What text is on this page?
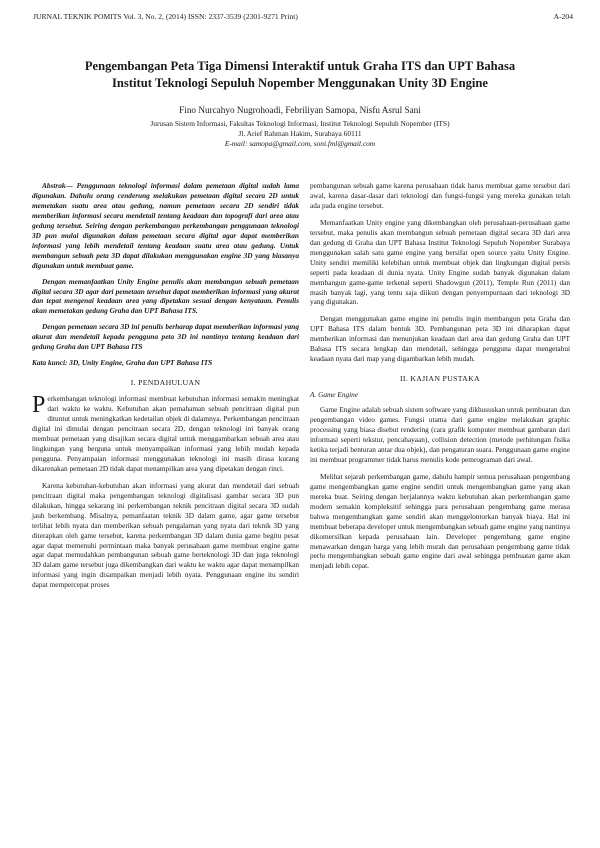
JURNAL TEKNIK POMITS Vol. 3, No. 2, (2014) ISSN: 2337-3539 (2301-9271 Print)	A-204
Pengembangan Peta Tiga Dimensi Interaktif untuk Graha ITS dan UPT Bahasa
Institut Teknologi Sepuluh Nopember Menggunakan Unity 3D Engine
Fino Nurcahyo Nugrohoadi, Febriliyan Samopa, Nisfu Asrul Sani
Jurusan Sistem Informasi, Fakultas Teknologi Informasi, Institut Teknologi Sepuluh Nopember (ITS)
Jl. Arief Rahman Hakim, Surabaya 60111
E-mail: samopa@gmail.com, soni.fml@gmail.com

Abstrak— Penggunaan teknologi informasi dalam pemetaan digital sudah lama digunakan. Dahulu orang cenderung melakukan pemetaan digital secara 2D untuk memetakan suatu area atau gedung, namun pemetaan secara 2D sendiri tidak memberikan informasi secara mendetail tentang keadaan dan topografi dari area atau gedung tersebut. Seiring dengan perkembangan perkembangan penggunaan teknologi 3D pun mulai digunakan dalam pemetaan secara digital agar dapat memberikan informasi yang lebih mendetail tentang keadaan suatu area atau gedung. Untuk membangun sebuah peta 3D dapat dilakukan menggunakan engine 3D yang biasanya digunakan untuk membuat game.

Dengan memanfaatkan Unity Engine penulis akan membangun sebuah pemetaan digital secara 3D agar dari pemetaan tersebut dapat memberikan informasi yang akurat dan tepat mengenai keadaan area yang dipetakan sesuai dengan kenyataan. Penulis akan memetakan gedung Graha dan UPT Bahasa ITS.

Dengan pemetaan secara 3D ini penulis berharap dapat memberikan informasi yang akurat dan mendetail kepada pengguna peta 3D ini nantinya tentang keadaan dari gedung Graha dan UPT Bahasa ITS

Kata kunci: 3D, Unity Engine, Graha dan UPT Bahasa ITS
I. PENDAHULUAN

Perkembangan teknologi informasi membuat kebutuhan informasi semakin meningkat dari waktu ke waktu. Kebutuhan akan pemahaman sebuah pencitraan digital pun dituntut untuk meningkatkan kedetailan objek di dalamnya. Perkembangan pencitraan digital ini dimulai dengan pencitraan secara 2D, dengan teknologi ini banyak orang membuat pemetaan yang disajikan secara digital untuk menggambarkan sebuah area atau lingkungan yang berguna untuk menyampaikan informasi yang lebih mudah kepada pengguna. Penyampaian informasi menggunakan teknologi ini masih dirasa kurang dikarenakan pemetaan 2D tidak dapat menampilkan area yang dipetakan dengan rinci.

Karena kebutuhan-kebutuhan akan informasi yang akurat dan mendetail dari sebuah pencitraan digital maka pengembangan teknologi digitalisasi gambar secara 3D pun dilakukan, hingga sekarang ini perkembangan teknik pencitraan digital secara 3D sudah jauh berkembang. Misalnya, pemanfaatan teknik 3D dalam game, agar game tersebut terlihat lebih nyata dan memberikan sebuah pengalaman yang nyata dari teknik 3D yang diterapkan oleh game tersebut, karena perkembangan 3D dalam dunia game begitu pesat agar dapat memenuhi permintaan maka banyak perusahaan game membuat engine game agar dapat memudahkan pembangunan sebuah game berteknologi 3D dan juga teknologi 3D dalam game tersebut juga dikembangkan dari waktu ke waktu agar dapat menampilkan informasi yang ingin disampaikan menjadi lebih nyata. Penggunaan engine itu sendiri dapat mempercepat proses

pembangunan sebuah game karena perusahaan tidak harus membuat game tersebut dari awal, karena dasar-dasar dari teknologi dan fungsi-fungsi yang mereka gunakan telah ada pada engine tersebut.

Memanfaatkan Unity engine yang dikembangkan oleh perusahaan-perusahaan game tersebut, maka penulis akan membangun sebuah pemetaan digital secara 3D dari area dan gedung di Graha dan UPT Bahasa Institut Teknologi Sepuluh Nopember Surabaya menggunakan salah satu game engine yang bersifat open source yaitu Unity Engine. Unity sendiri memiliki kelebihan untuk membuat objek dan lingkungan digital persis seperti pada keadaan di dunia nyata. Unity Engine sudah banyak digunakan dalam membangun game-game terkenal seperti Shadowgun (2011), Temple Run (2011) dan masih banyak lagi, yang tentu saja diikuti dengan penyempurnaan dari teknologi 3D yang digunakan.

Dengan menggunakan game engine ini penulis ingin membangun peta Graha dan UPT Bahasa ITS dalam bentuk 3D. Pembangunan peta 3D ini diharapkan dapat memberikan informasi dan menunjukan keadaan dari area dan gedung Graha dan UPT Bahasa ITS secara lengkap dan mendetail, sehingga pengguna dapat mengetahui keadaan nyata dari map yang digambarkan lebih mudah.

II. KAJIAN PUSTAKA
A. Game Engine

Game Engine adalah sebuah sistem software yang dikhususkan untuk pembuatan dan pengembangan video games. Fungsi utama dari game engine melakukan graphic processing yang biasa disebut rendering (cara grafik komputer membuat gambaran dari informasi seperti tekstur, pencahayaan), collision detection (metode perhitungan fisika ketika terjadi benturan antar dua objek), dan pengaturan suara. Penggunaan game engine ini membuat programmer tidak harus menulis kode pemrograman dari awal.

Melihat sejarah perkembangan game, dahulu hampir semua perusahaan pengembang game mengembangkan game engine sendiri untuk mengembangkan game yang akan mereka buat. Seiring dengan berjalannya waktu kebutuhan akan perkembangan game modern semakin kompleksitif sehingga para perusahaan pengembang game merasa bahwa mengembangkan game sendiri akan menggelontorkan banyak biaya. Hal ini membuat beberapa developer untuk mengembangkan sebuah game engine yang nantinya dikomersilkan kepada perusahaan lain. Developer pengembang game engine menawarkan dengan harga yang lebih murah dan perusahaan pengembang game tidak perlu mengembangkan sebuah game engine dari awal sehingga pembuatan game akan menjadi lebih cepat.
